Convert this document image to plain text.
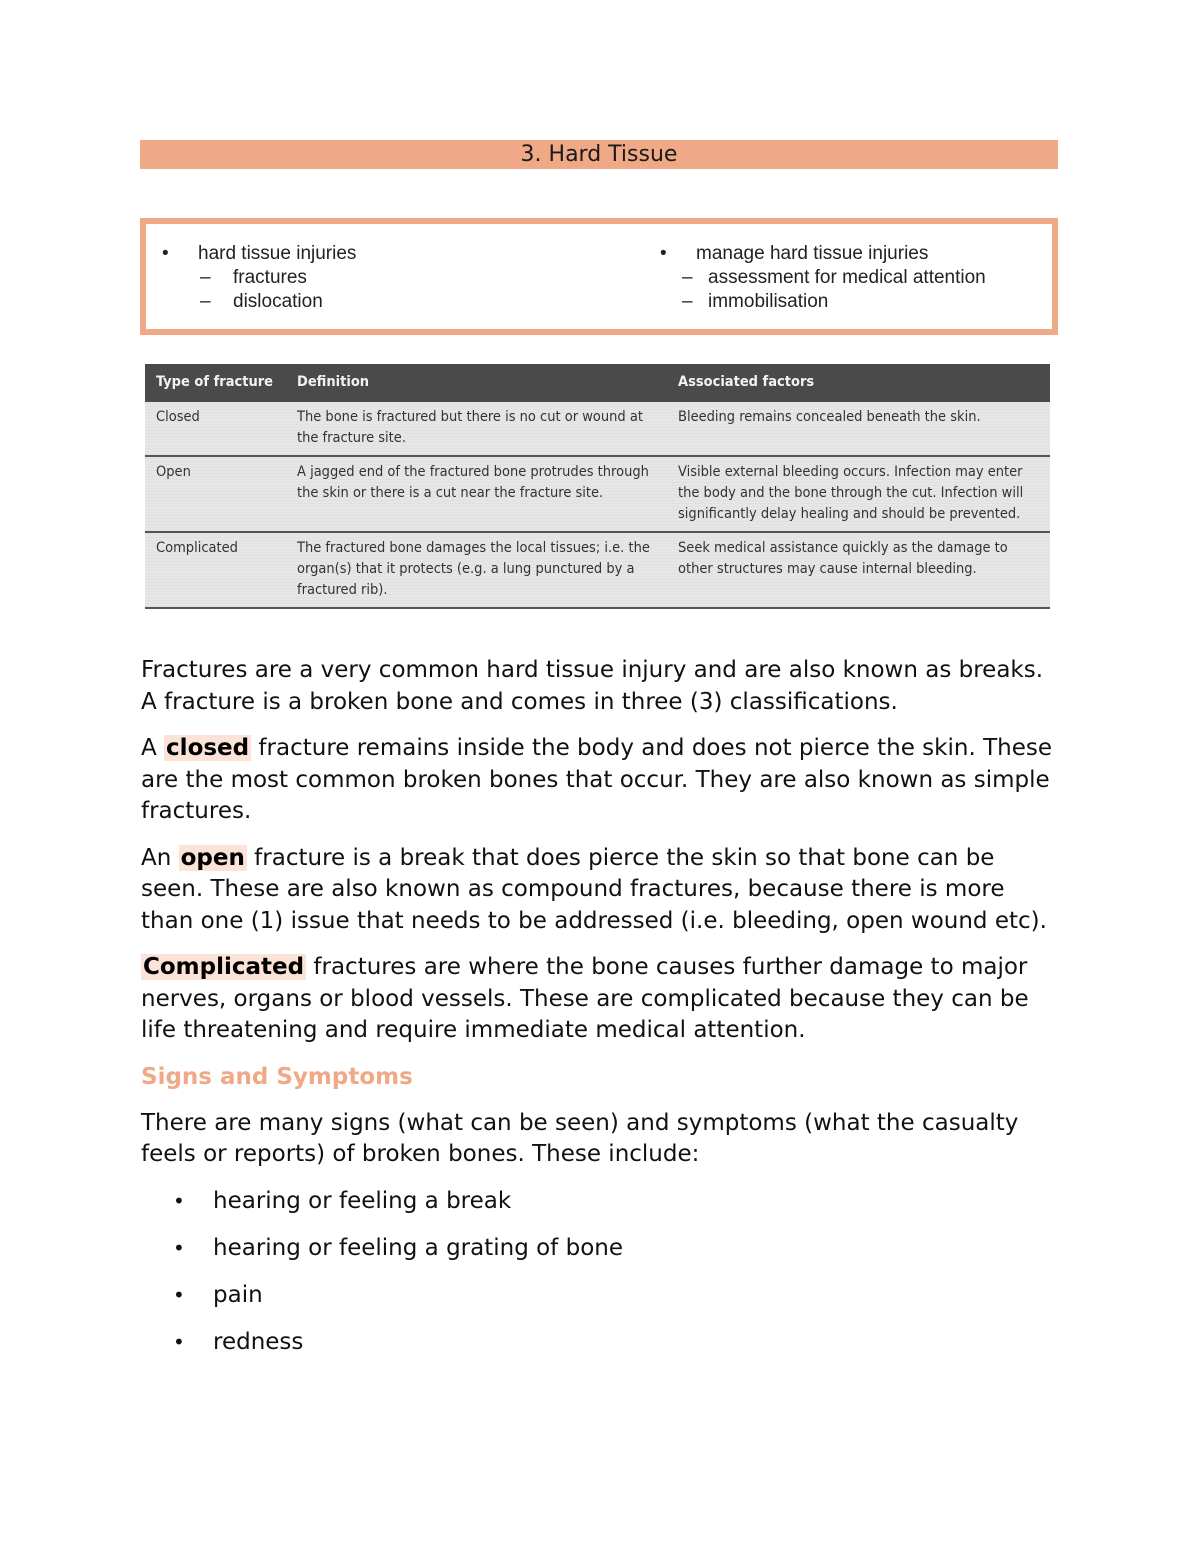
3. Hard Tissue
• hard tissue injuries
– fractures
– dislocation
• manage hard tissue injuries
– assessment for medical attention
– immobilisation
Type of fracture	Definition	Associated factors
Closed	The bone is fractured but there is no cut or wound at the fracture site.	Bleeding remains concealed beneath the skin.
Open	A jagged end of the fractured bone protrudes through the skin or there is a cut near the fracture site.	Visible external bleeding occurs. Infection may enter the body and the bone through the cut. Infection will significantly delay healing and should be prevented.
Complicated	The fractured bone damages the local tissues; i.e. the organ(s) that it protects (e.g. a lung punctured by a fractured rib).	Seek medical assistance quickly as the damage to other structures may cause internal bleeding.

Fractures are a very common hard tissue injury and are also known as breaks. A fracture is a broken bone and comes in three (3) classifications.

A closed fracture remains inside the body and does not pierce the skin. These are the most common broken bones that occur. They are also known as simple fractures.

An open fracture is a break that does pierce the skin so that bone can be seen. These are also known as compound fractures, because there is more than one (1) issue that needs to be addressed (i.e. bleeding, open wound etc).

Complicated fractures are where the bone causes further damage to major nerves, organs or blood vessels. These are complicated because they can be life threatening and require immediate medical attention.

Signs and Symptoms

There are many signs (what can be seen) and symptoms (what the casualty feels or reports) of broken bones. These include:

• hearing or feeling a break
• hearing or feeling a grating of bone
• pain
• redness
